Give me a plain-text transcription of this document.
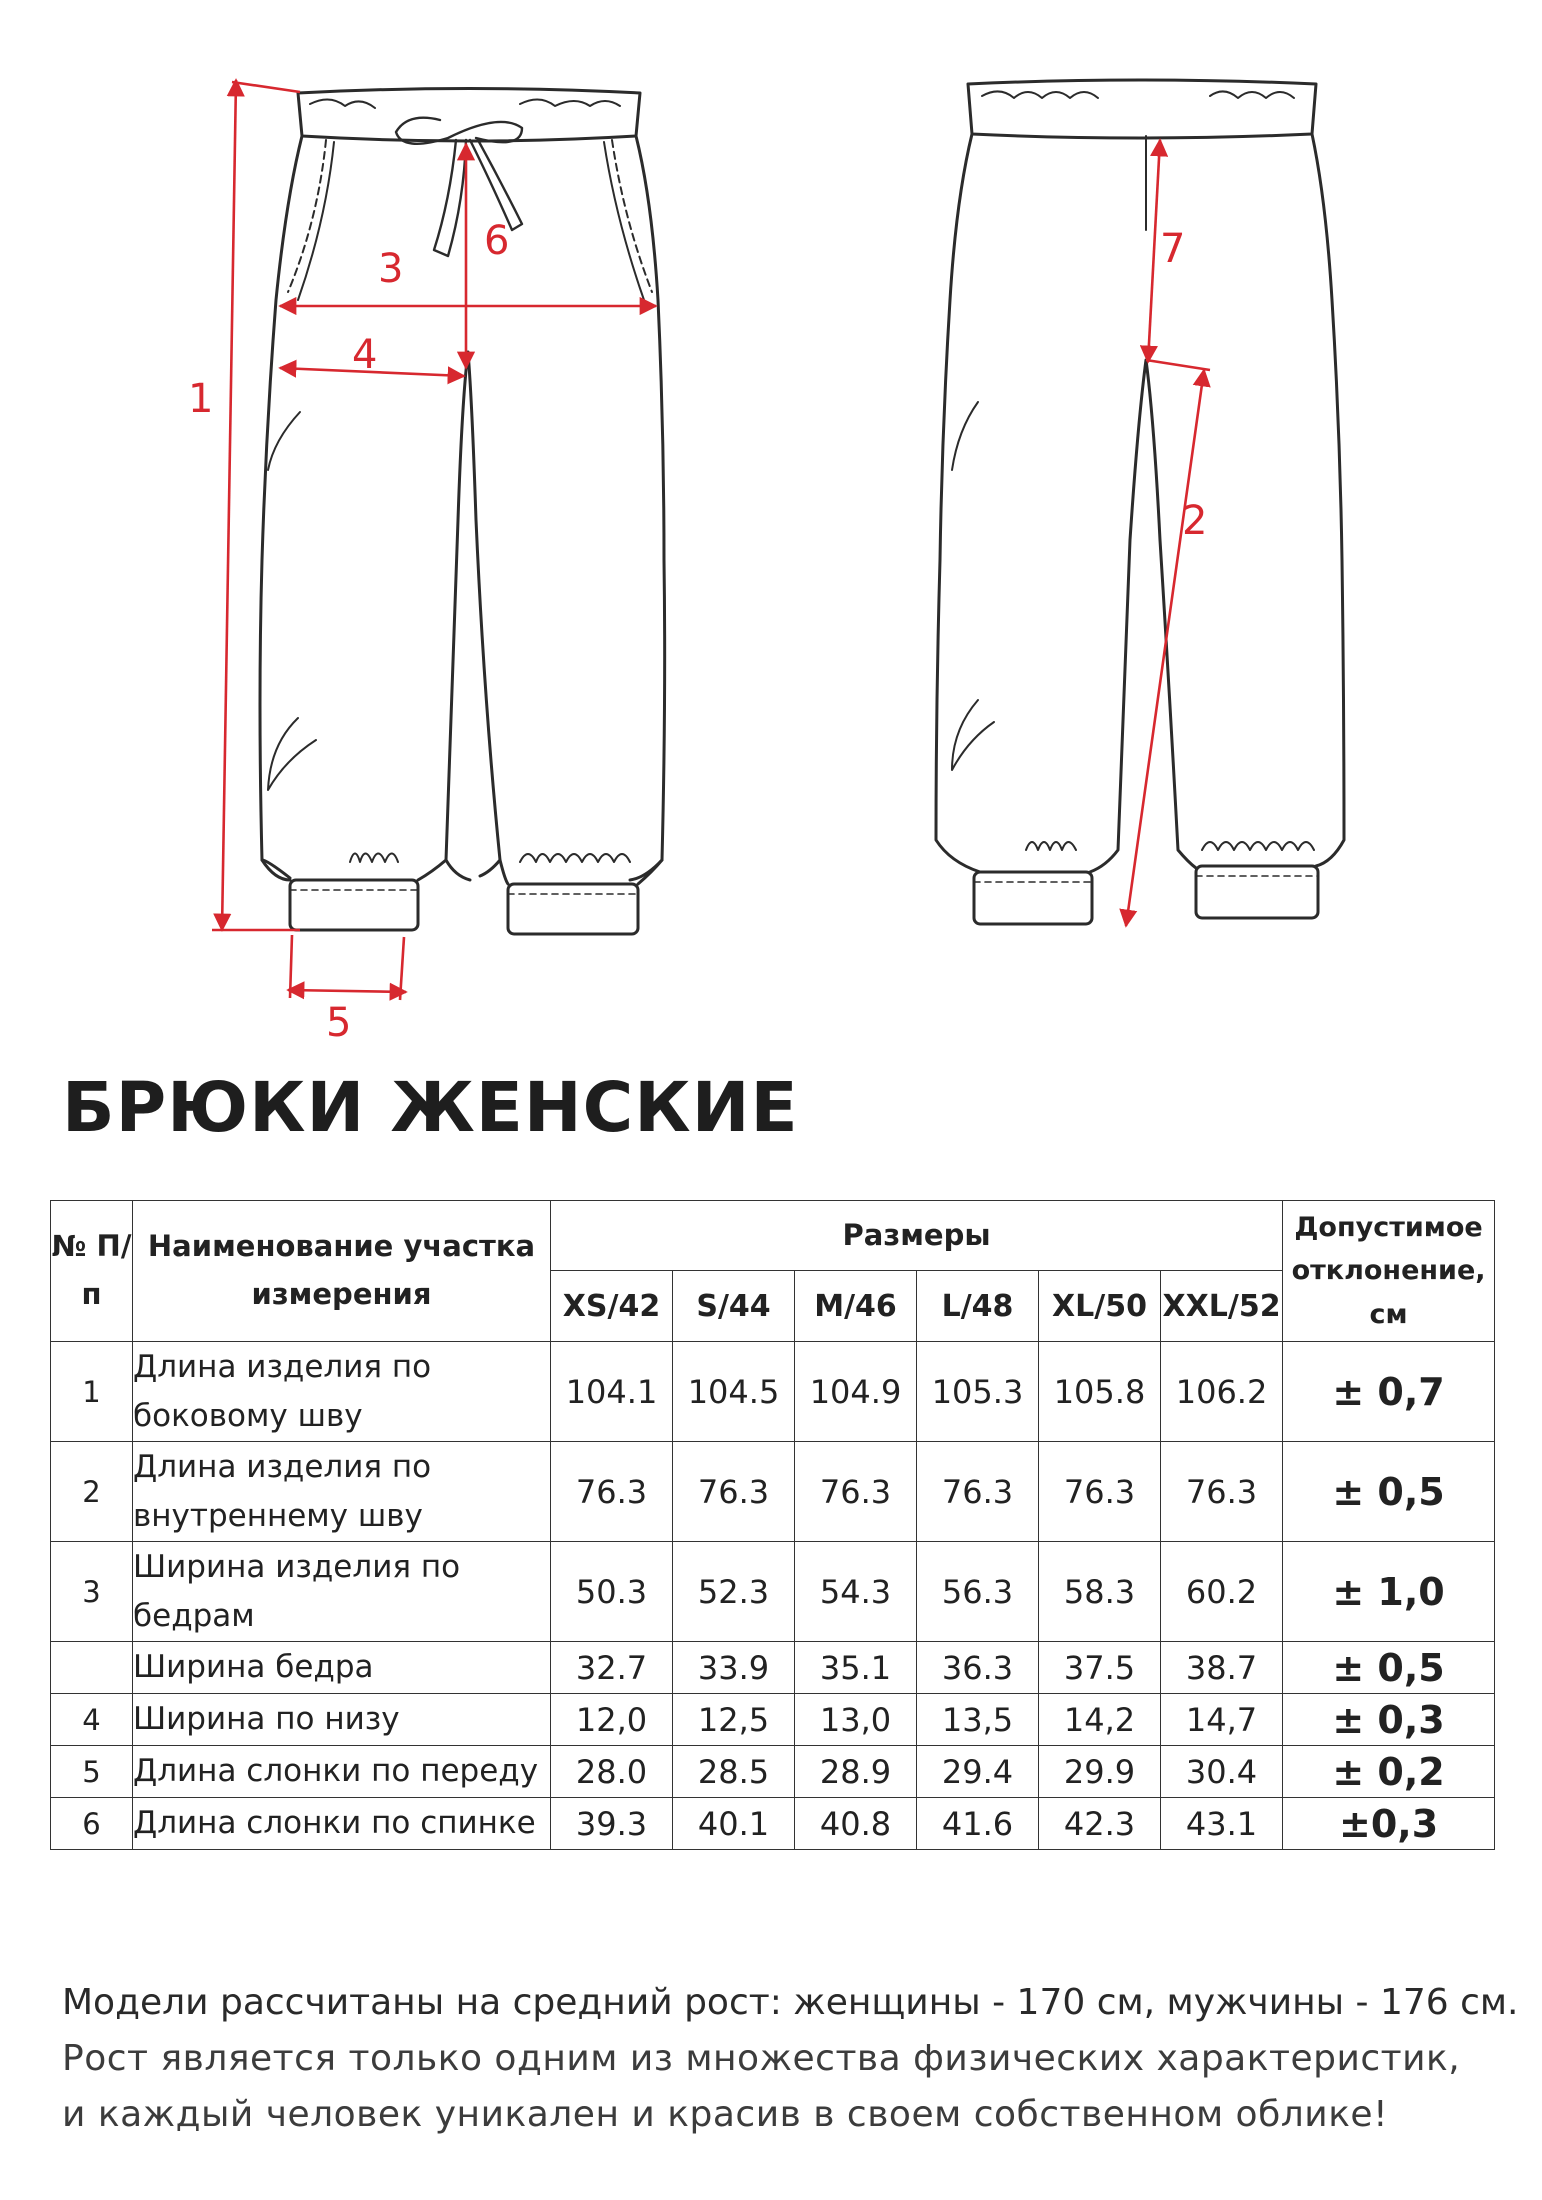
1
3
4
6
5
7
2
БРЮКИ ЖЕНСКИЕ
№ П/п	Наименование участка измерения	Размеры						Допустимое отклонение, см
		XS/42	S/44	M/46	L/48	XL/50	XXL/52	
1	Длина изделия по боковому шву	104.1	104.5	104.9	105.3	105.8	106.2	± 0,7
2	Длина изделия по внутреннему шву	76.3	76.3	76.3	76.3	76.3	76.3	± 0,5
3	Ширина изделия по бедрам	50.3	52.3	54.3	56.3	58.3	60.2	± 1,0
	Ширина бедра	32.7	33.9	35.1	36.3	37.5	38.7	± 0,5
4	Ширина по низу	12,0	12,5	13,0	13,5	14,2	14,7	± 0,3
5	Длина слонки по переду	28.0	28.5	28.9	29.4	29.9	30.4	± 0,2
6	Длина слонки по спинке	39.3	40.1	40.8	41.6	42.3	43.1	±0,3
Модели рассчитаны на средний рост: женщины - 170 см, мужчины - 176 см.
Рост является только одним из множества физических характеристик,
и каждый человек уникален и красив в своем собственном облике!
